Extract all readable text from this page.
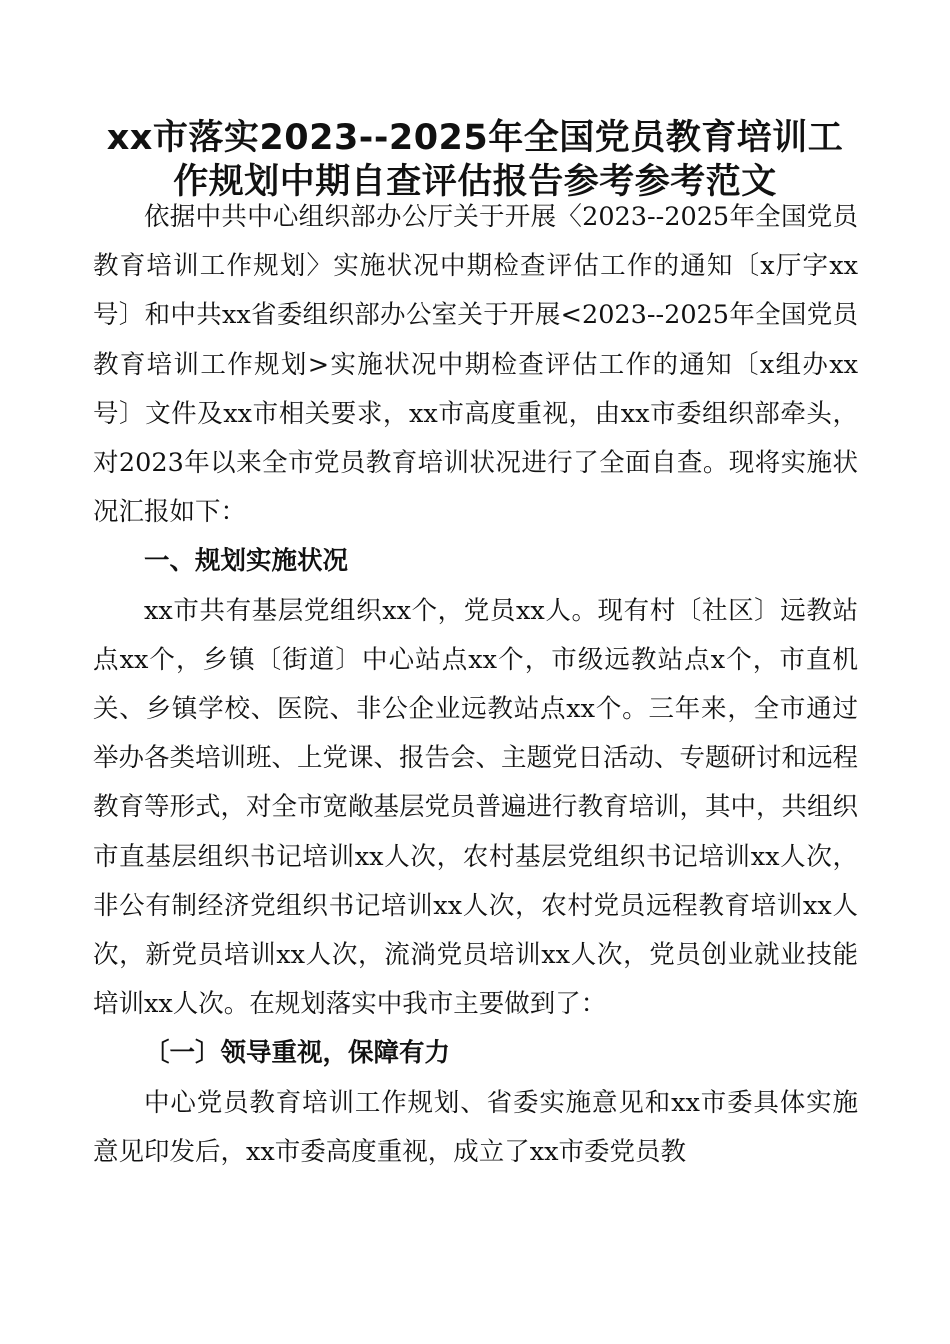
xx市落实2023--2025年全国党员教育培训工
作规划中期自查评估报告参考参考范文

依据中共中心组织部办公厅关于开展〈2023--2025年全国党员教育培训工作规划〉实施状况中期检查评估工作的通知〔x厅字xx号〕和中共xx省委组织部办公室关于开展<2023--2025年全国党员教育培训工作规划>实施状况中期检查评估工作的通知〔x组办xx号〕文件及xx市相关要求，xx市高度重视，由xx市委组织部牵头，对2023年以来全市党员教育培训状况进行了全面自查。现将实施状况汇报如下：

一、规划实施状况

xx市共有基层党组织xx个，党员xx人。现有村〔社区〕远教站点xx个，乡镇〔街道〕中心站点xx个，市级远教站点x个，市直机关、乡镇学校、医院、非公企业远教站点xx个。三年来，全市通过举办各类培训班、上党课、报告会、主题党日活动、专题研讨和远程教育等形式，对全市宽敞基层党员普遍进行教育培训，其中，共组织市直基层组织书记培训xx人次，农村基层党组织书记培训xx人次，非公有制经济党组织书记培训xx人次，农村党员远程教育培训xx人次，新党员培训xx人次，流淌党员培训xx人次，党员创业就业技能培训xx人次。在规划落实中我市主要做到了：

〔一〕领导重视，保障有力

中心党员教育培训工作规划、省委实施意见和xx市委具体实施意见印发后，xx市委高度重视，成立了xx市委党员教
